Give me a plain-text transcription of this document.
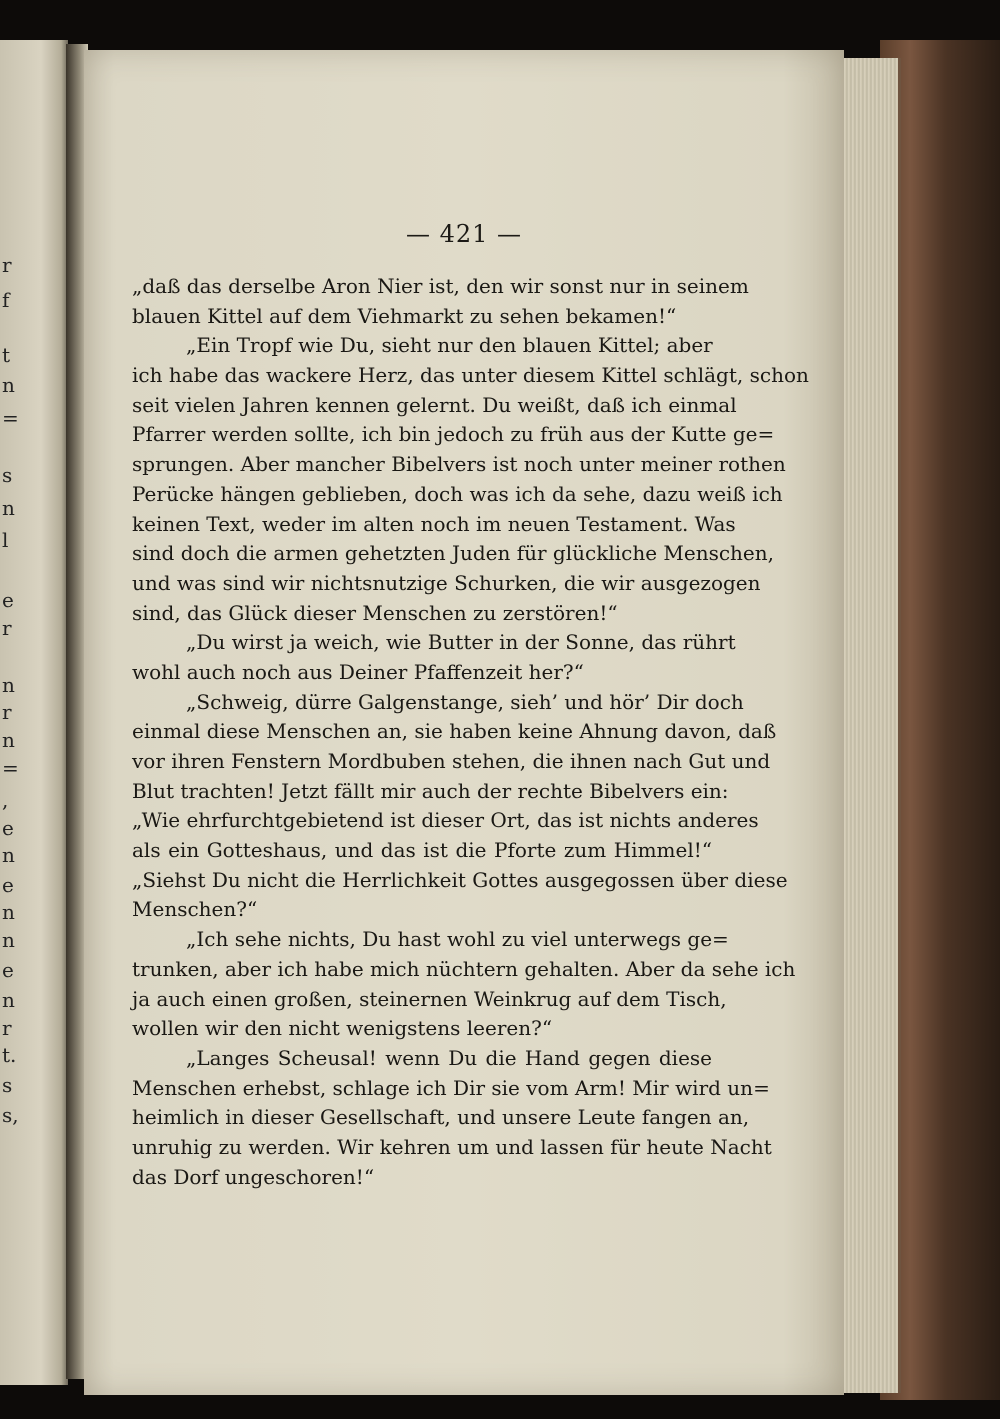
r
f
t
n
=
s
n
l
e
r
n
r
n
=
,
e
n
e
n
n
e
n
r
t.
s
s,
— 421 —
„daß das derselbe Aron Nier ist, den wir sonst nur in seinem
blauen Kittel auf dem Viehmarkt zu sehen bekamen!“
„Ein Tropf wie Du, sieht nur den blauen Kittel; aber
ich habe das wackere Herz, das unter diesem Kittel schlägt, schon
seit vielen Jahren kennen gelernt. Du weißt, daß ich einmal
Pfarrer werden sollte, ich bin jedoch zu früh aus der Kutte ge=
sprungen. Aber mancher Bibelvers ist noch unter meiner rothen
Perücke hängen geblieben, doch was ich da sehe, dazu weiß ich
keinen Text, weder im alten noch im neuen Testament. Was
sind doch die armen gehetzten Juden für glückliche Menschen,
und was sind wir nichtsnutzige Schurken, die wir ausgezogen
sind, das Glück dieser Menschen zu zerstören!“
„Du wirst ja weich, wie Butter in der Sonne, das rührt
wohl auch noch aus Deiner Pfaffenzeit her?“
„Schweig, dürre Galgenstange, sieh’ und hör’ Dir doch
einmal diese Menschen an, sie haben keine Ahnung davon, daß
vor ihren Fenstern Mordbuben stehen, die ihnen nach Gut und
Blut trachten! Jetzt fällt mir auch der rechte Bibelvers ein:
„Wie ehrfurchtgebietend ist dieser Ort, das ist nichts anderes
als ein Gotteshaus, und das ist die Pforte zum Himmel!“
„Siehst Du nicht die Herrlichkeit Gottes ausgegossen über diese
Menschen?“
„Ich sehe nichts, Du hast wohl zu viel unterwegs ge=
trunken, aber ich habe mich nüchtern gehalten. Aber da sehe ich
ja auch einen großen, steinernen Weinkrug auf dem Tisch,
wollen wir den nicht wenigstens leeren?“
„Langes Scheusal! wenn Du die Hand gegen diese
Menschen erhebst, schlage ich Dir sie vom Arm! Mir wird un=
heimlich in dieser Gesellschaft, und unsere Leute fangen an,
unruhig zu werden. Wir kehren um und lassen für heute Nacht
das Dorf ungeschoren!“
